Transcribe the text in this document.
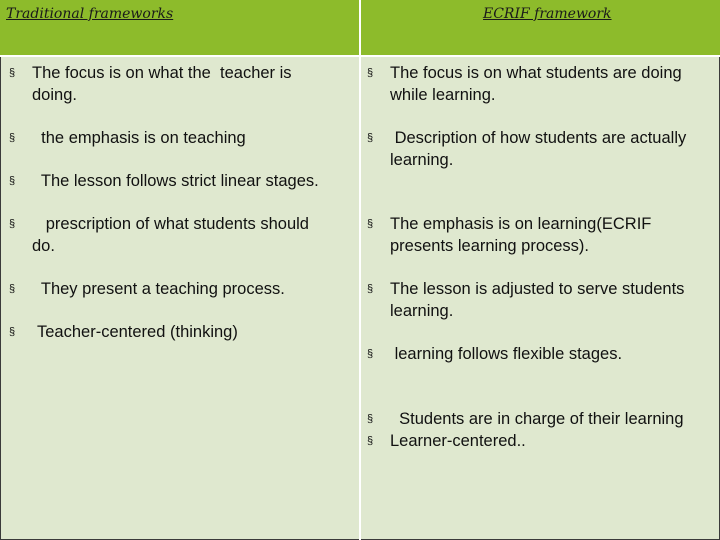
Traditional frameworks	ECRIF framework

§

The focus is on what the  teacher is

doing.

§

the emphasis is on teaching

§

The lesson follows strict linear stages.

§

prescription of what students should

do.

§

They present a teaching process.

§

Teacher-centered (thinking)

§

The focus is on what students are doing

while learning.

§

Description of how students are actually

learning.

§

The emphasis is on learning(ECRIF

presents learning process).

§

The lesson is adjusted to serve students

learning.

§

learning follows flexible stages.

§

Students are in charge of their learning

§

Learner-centered..
